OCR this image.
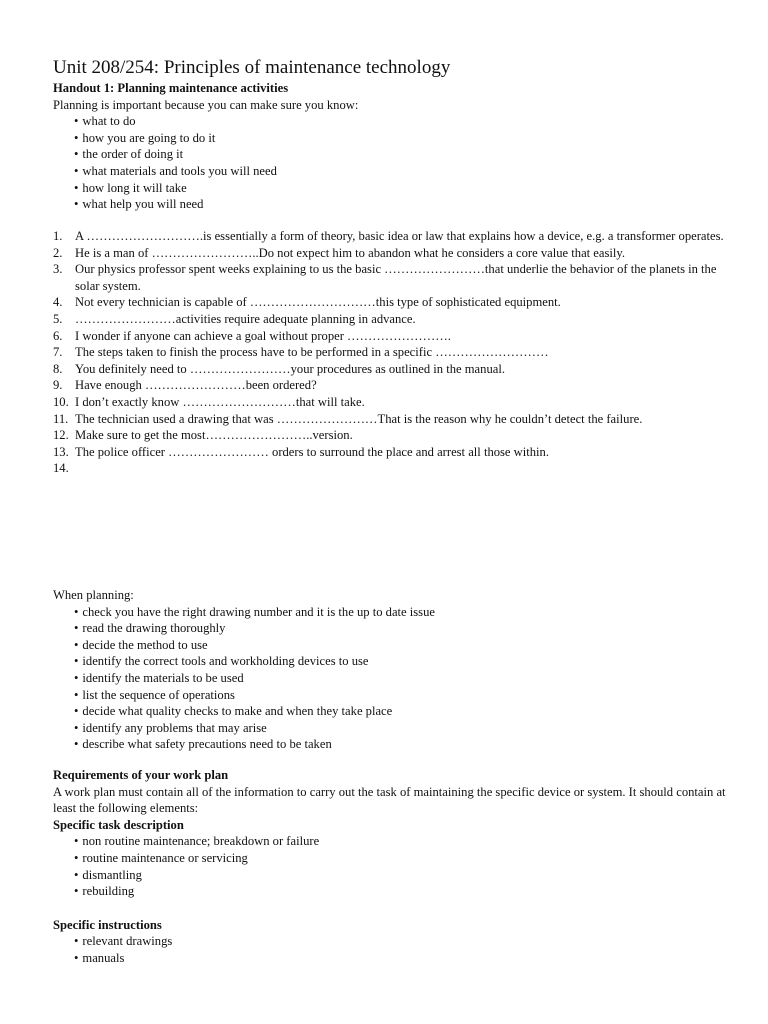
Unit 208/254: Principles of maintenance technology

Handout 1: Planning maintenance activities

Planning is important because you can make sure you know:

• what to do
• how you are going to do it
• the order of doing it
• what materials and tools you will need
• how long it will take
• what help you will need
1. A ……………………….is essentially a form of theory, basic idea or law that explains how a device, e.g. a transformer operates.
2. He is a man of ……………………..Do not expect him to abandon what he considers a core value that easily.
3. Our physics professor spent weeks explaining to us the basic ……………………that underlie the behavior of the planets in the solar system.
4. Not every technician is capable of …………………………this type of sophisticated equipment.
5. ……………………activities require adequate planning in advance.
6. I wonder if anyone can achieve a goal without proper …………………….
7. The steps taken to finish the process have to be performed in a specific ………………………
8. You definitely need to ……………………your procedures as outlined in the manual.
9. Have enough ……………………been ordered?
10. I don’t exactly know ………………………that will take.
11. The technician used a drawing that was ……………………That is the reason why he couldn’t detect the failure.
12. Make sure to get the most……………………..version.
13. The police officer …………………… orders to surround the place and arrest all those within.
14.

When planning:

• check you have the right drawing number and it is the up to date issue
• read the drawing thoroughly
• decide the method to use
• identify the correct tools and workholding devices to use
• identify the materials to be used
• list the sequence of operations
• decide what quality checks to make and when they take place
• identify any problems that may arise
• describe what safety precautions need to be taken

Requirements of your work plan

A work plan must contain all of the information to carry out the task of maintaining the specific device or system. It should contain at least the following elements:

Specific task description

• non routine maintenance; breakdown or failure
• routine maintenance or servicing
• dismantling
• rebuilding

Specific instructions

• relevant drawings
• manuals
